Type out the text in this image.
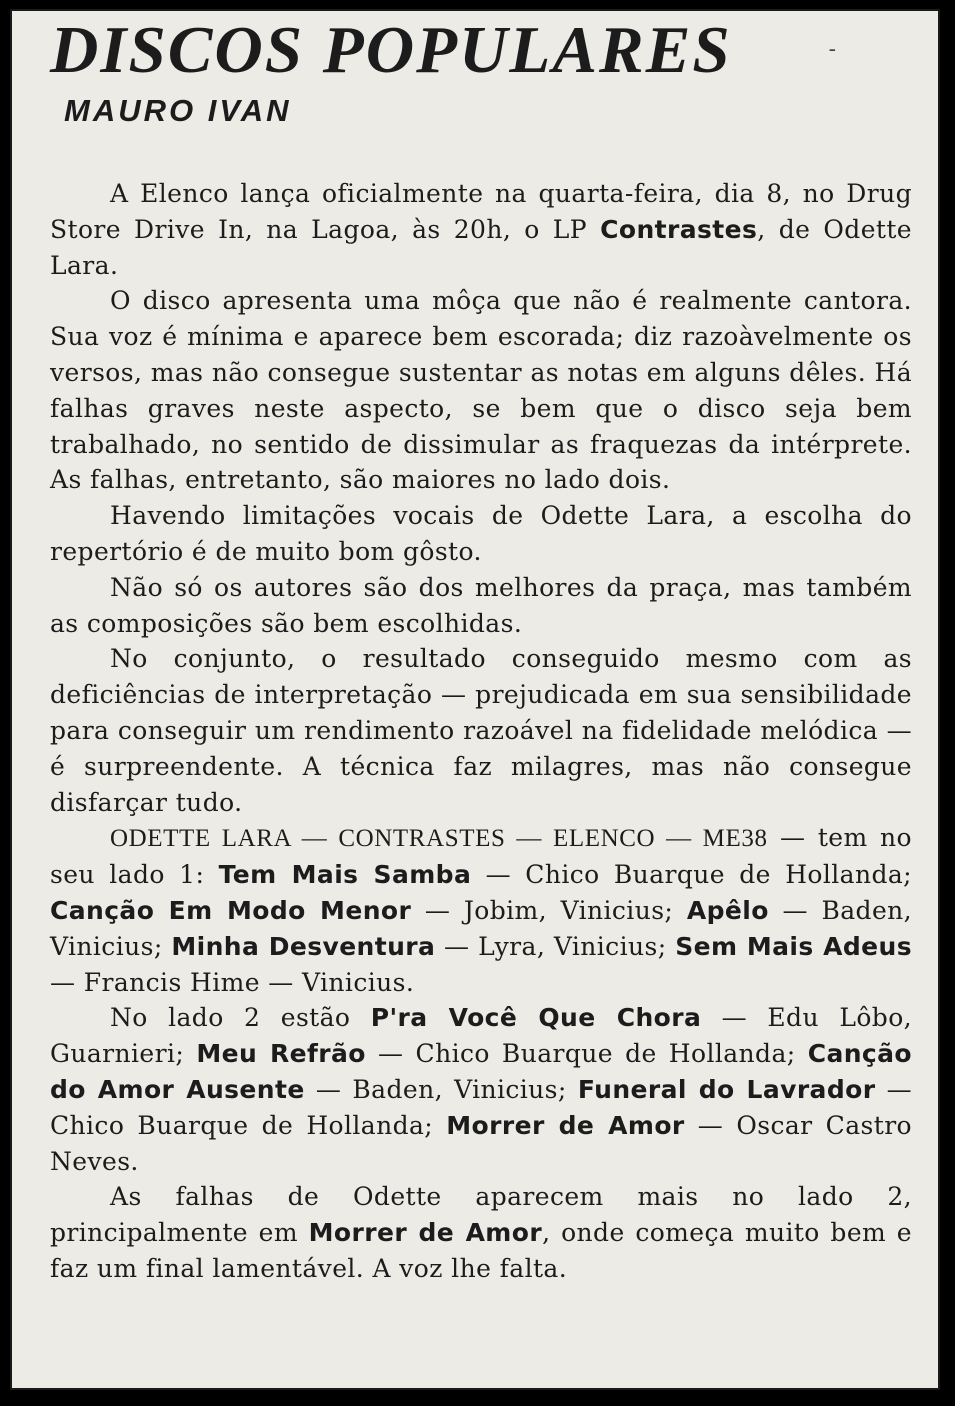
DISCOS POPULARES	-
MAURO IVAN

A Elenco lança oficialmente na quarta-feira, dia 8, no Drug Store Drive In, na Lagoa, às 20h, o LP Contrastes, de Odette Lara.

O disco apresenta uma môça que não é realmente cantora. Sua voz é mínima e aparece bem escorada; diz razoàvelmente os versos, mas não consegue sustentar as notas em alguns dêles. Há falhas graves neste aspecto, se bem que o disco seja bem trabalhado, no sentido de dissimular as fraquezas da intérprete. As falhas, entretanto, são maiores no lado dois.

Havendo limitações vocais de Odette Lara, a escolha do repertório é de muito bom gôsto.

Não só os autores são dos melhores da praça, mas também as composições são bem escolhidas.

No conjunto, o resultado conseguido mesmo com as deficiências de interpretação — prejudicada em sua sensibilidade para conseguir um rendimento razoável na fidelidade melódica — é surpreendente. A técnica faz milagres, mas não consegue disfarçar tudo.

ODETTE LARA — CONTRASTES — ELENCO — ME38 — tem no seu lado 1: Tem Mais Samba — Chico Buarque de Hollanda; Canção Em Modo Menor — Jobim, Vinicius; Apêlo — Baden, Vinicius; Minha Desventura — Lyra, Vinicius; Sem Mais Adeus — Francis Hime — Vinicius.

No lado 2 estão P'ra Você Que Chora — Edu Lôbo, Guarnieri; Meu Refrão — Chico Buarque de Hollanda; Canção do Amor Ausente — Baden, Vinicius; Funeral do Lavrador — Chico Buarque de Hollanda; Morrer de Amor — Oscar Castro Neves.

As falhas de Odette aparecem mais no lado 2, principalmente em Morrer de Amor, onde começa muito bem e faz um final lamentável. A voz lhe falta.
